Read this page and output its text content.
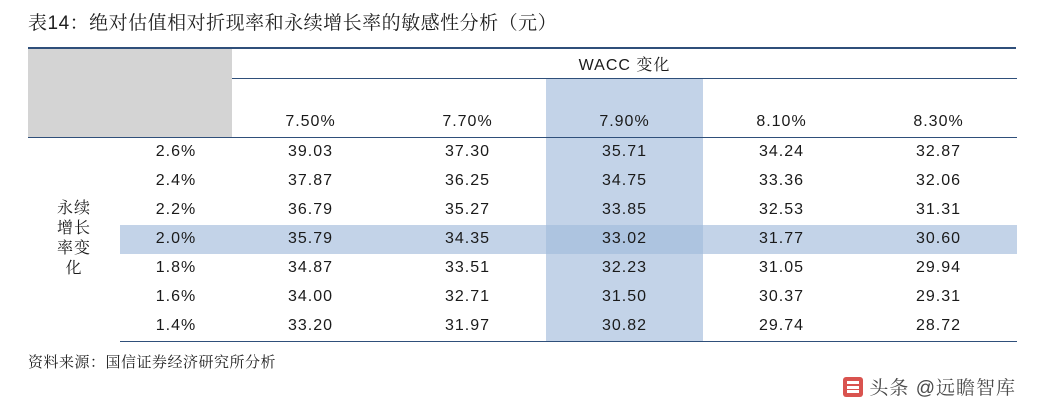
表14：绝对估值相对折现率和永续增长率的敏感性分析（元）
		WACC 变化				

		7.50%	7.70%	7.90%	8.10%	8.30%
永续
增长
率变
化	2.6%	39.03	37.30	35.71	34.24	32.87
	2.4%	37.87	36.25	34.75	33.36	32.06
	2.2%	36.79	35.27	33.85	32.53	31.31
	2.0%	35.79	34.35	33.02	31.77	30.60
	1.8%	34.87	33.51	32.23	31.05	29.94
	1.6%	34.00	32.71	31.50	30.37	29.31
	1.4%	33.20	31.97	30.82	29.74	28.72
资料来源：国信证券经济研究所分析
头条 @远瞻智库
